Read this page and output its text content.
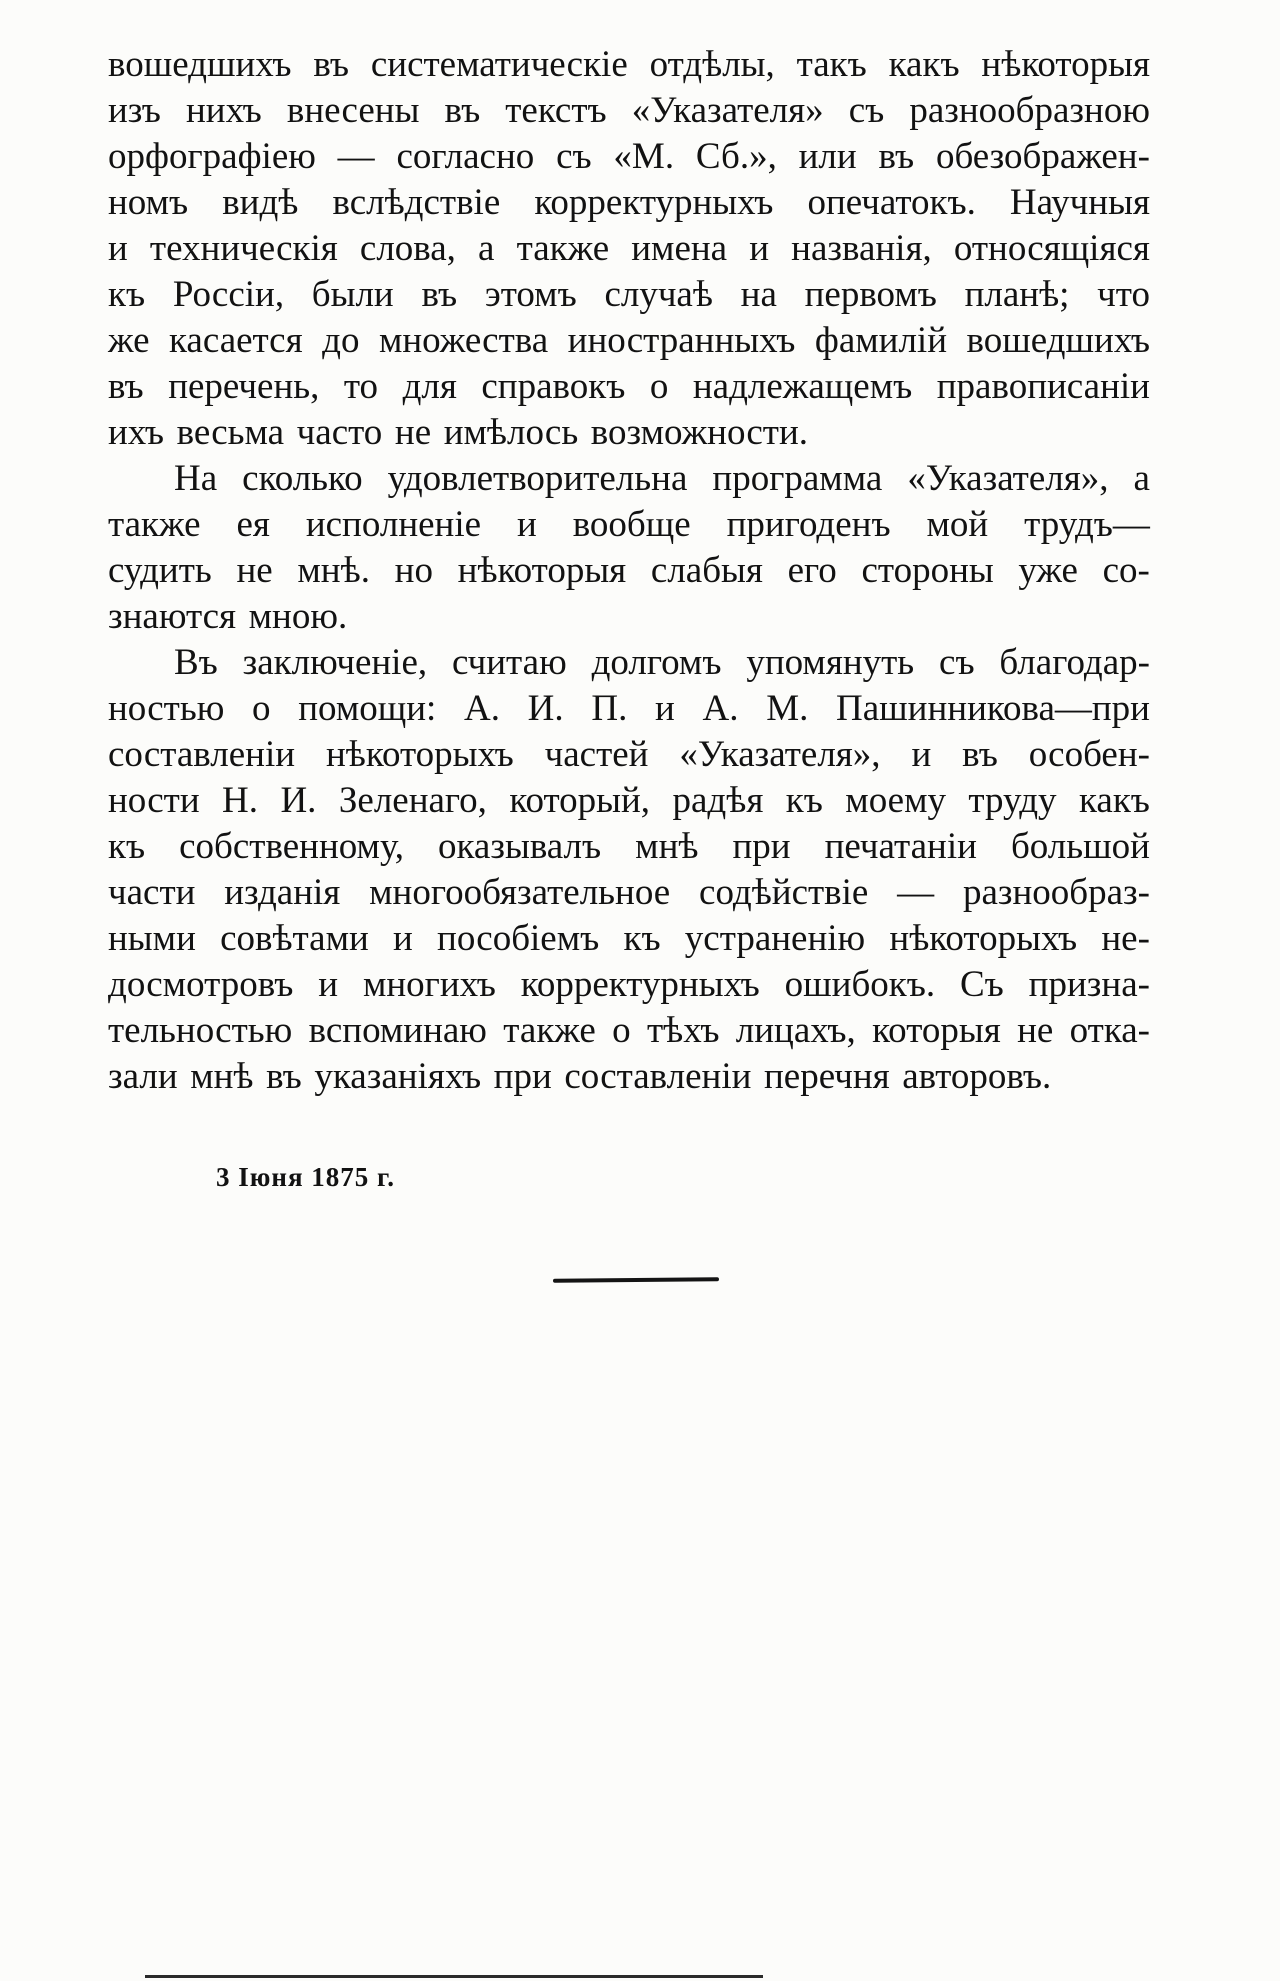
вошедшихъ въ систематическіе отдѣлы, такъ какъ нѣкоторыя
изъ нихъ внесены въ текстъ «Указателя» съ разнообразною
орфографіею — согласно съ «М. Сб.», или въ обезображен-
номъ видѣ вслѣдствіе корректурныхъ опечатокъ. Научныя
и техническія слова, а также имена и названія, относящіяся
къ Россіи, были въ этомъ случаѣ на первомъ планѣ; что
же касается до множества иностранныхъ фамилій вошедшихъ
въ перечень, то для справокъ о надлежащемъ правописаніи
ихъ весьма часто не имѣлось возможности.
На сколько удовлетворительна программа «Указателя», а
также ея исполненіе и вообще пригоденъ мой трудъ—
судить не мнѣ. но нѣкоторыя слабыя его стороны уже со-
знаются мною.
Въ заключеніе, считаю долгомъ упомянуть съ благодар-
ностью о помощи: А. И. П. и А. М. Пашинникова—при
составленіи нѣкоторыхъ частей «Указателя», и въ особен-
ности Н. И. Зеленаго, который, радѣя къ моему труду какъ
къ собственному, оказывалъ мнѣ при печатаніи большой
части изданія многообязательное содѣйствіе — разнообраз-
ными совѣтами и пособіемъ къ устраненію нѣкоторыхъ не-
досмотровъ и многихъ корректурныхъ ошибокъ. Съ призна-
тельностью вспоминаю также о тѣхъ лицахъ, которыя не отка-
зали мнѣ въ указаніяхъ при составленіи перечня авторовъ.
3 Іюня 1875 г.
